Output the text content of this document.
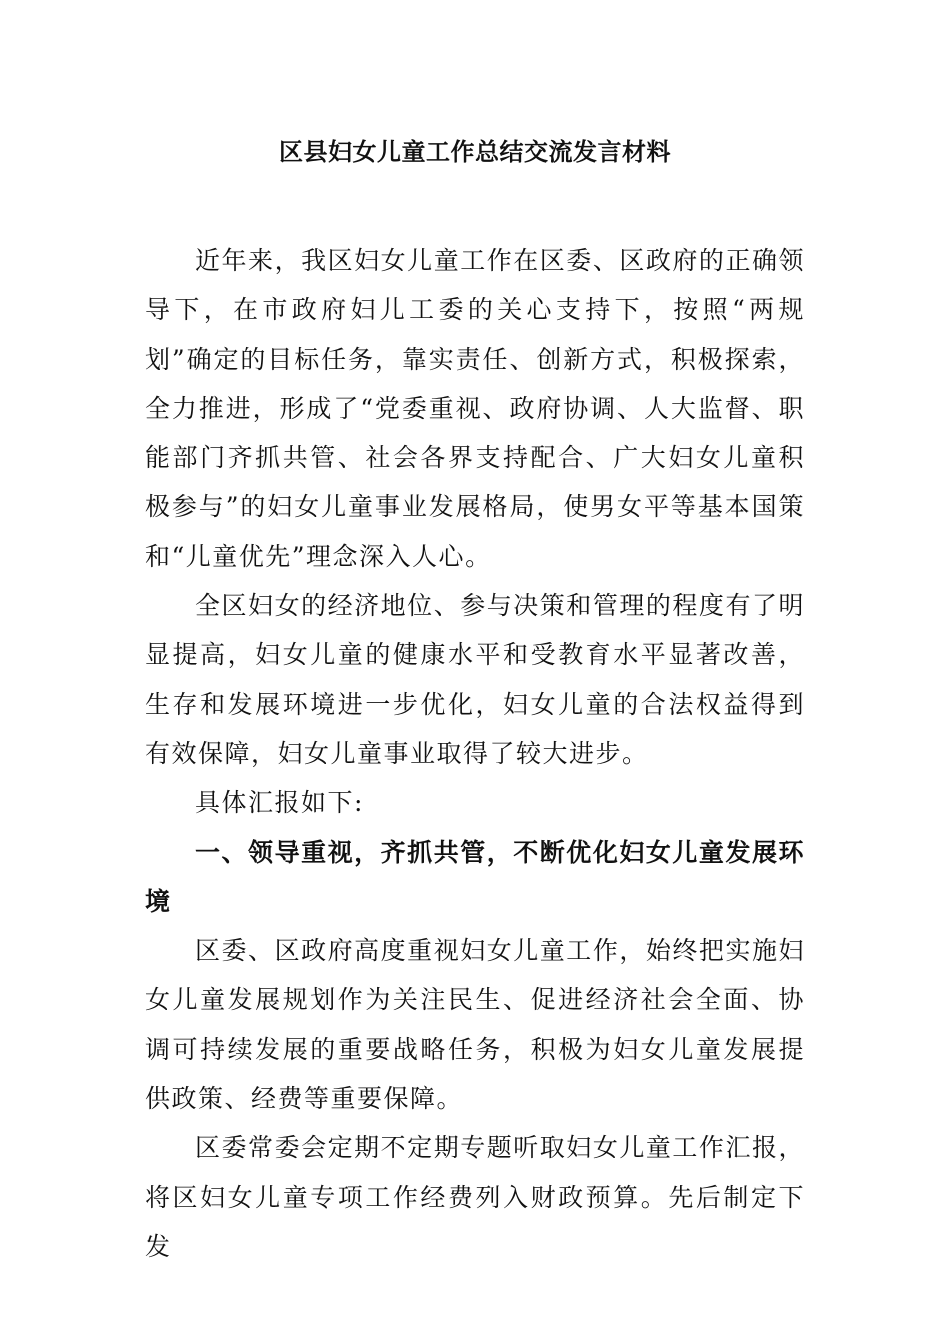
区县妇女儿童工作总结交流发言材料

近年来，我区妇女儿童工作在区委、区政府的正确领导下，在市政府妇儿工委的关心支持下，按照“两规划”确定的目标任务，靠实责任、创新方式，积极探索，全力推进，形成了“党委重视、政府协调、人大监督、职能部门齐抓共管、社会各界支持配合、广大妇女儿童积极参与”的妇女儿童事业发展格局，使男女平等基本国策和“儿童优先”理念深入人心。

全区妇女的经济地位、参与决策和管理的程度有了明显提高，妇女儿童的健康水平和受教育水平显著改善，生存和发展环境进一步优化，妇女儿童的合法权益得到有效保障，妇女儿童事业取得了较大进步。

具体汇报如下:

一、领导重视，齐抓共管，不断优化妇女儿童发展环境

区委、区政府高度重视妇女儿童工作，始终把实施妇女儿童发展规划作为关注民生、促进经济社会全面、协调可持续发展的重要战略任务，积极为妇女儿童发展提供政策、经费等重要保障。

区委常委会定期不定期专题听取妇女儿童工作汇报，将区妇女儿童专项工作经费列入财政预算。先后制定下发
